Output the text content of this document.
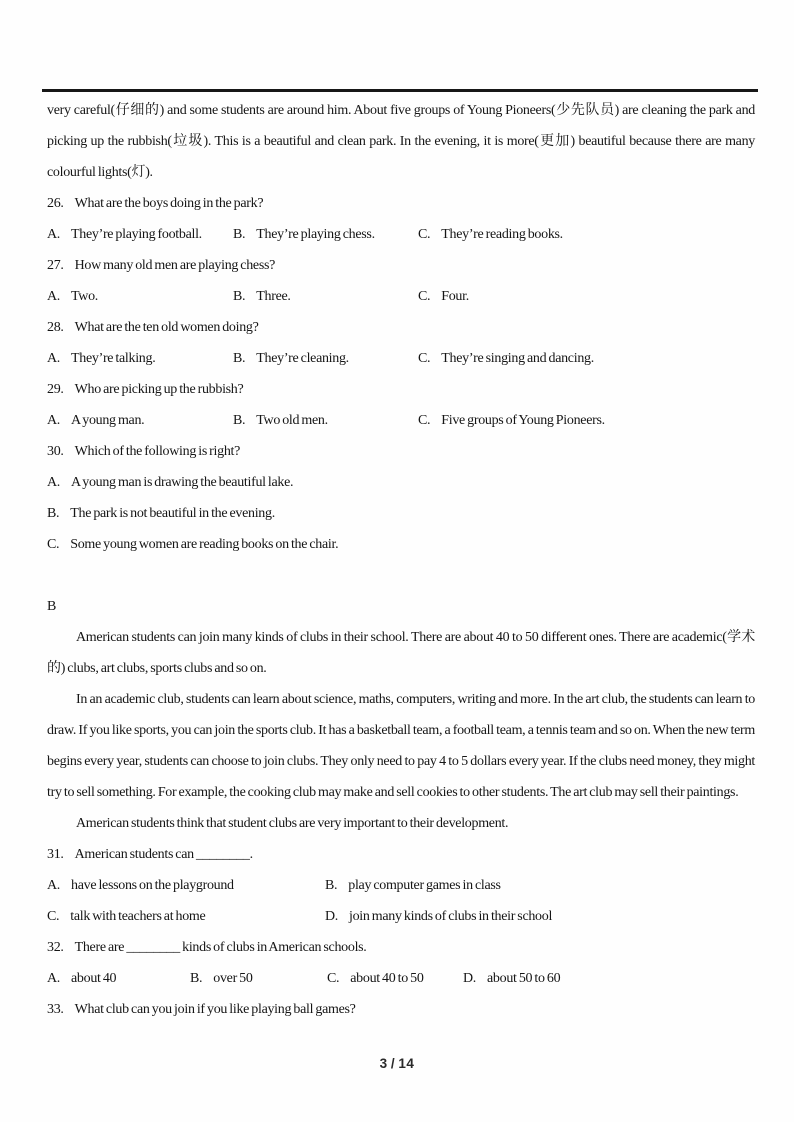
very careful(仔细的) and some students are around him. About five groups of Young Pioneers(少先队员) are cleaning the park and picking up the rubbish(垃圾). This is a beautiful and clean park. In the evening, it is more(更加) beautiful because there are many colourful lights(灯).

26. What are the boys doing in the park?
A. They’re playing football.	B. They’re playing chess.	C. They’re reading books.
27. How many old men are playing chess?
A. Two.	B. Three.	C. Four.
28. What are the ten old women doing?
A. They’re talking.	B. They’re cleaning.	C. They’re singing and dancing.
29. Who are picking up the rubbish?
A. A young man.	B. Two old men.	C. Five groups of Young Pioneers.
30. Which of the following is right?
A. A young man is drawing the beautiful lake.
B. The park is not beautiful in the evening.
C. Some young women are reading books on the chair.
B

American students can join many kinds of clubs in their school. There are about 40 to 50 different ones. There are academic(学术的) clubs, art clubs, sports clubs and so on.

In an academic club, students can learn about science, maths, computers, writing and more. In the art club, the students can learn to draw. If you like sports, you can join the sports club. It has a basketball team, a football team, a tennis team and so on. When the new term begins every year, students can choose to join clubs. They only need to pay 4 to 5 dollars every year. If the clubs need money, they might try to sell something. For example, the cooking club may make and sell cookies to other students. The art club may sell their paintings.

American students think that student clubs are very important to their development.

31. American students can ________.
A. have lessons on the playground	B. play computer games in class
C. talk with teachers at home	D. join many kinds of clubs in their school
32. There are ________ kinds of clubs in American schools.
A. about 40	B. over 50	C. about 40 to 50	D. about 50 to 60
33. What club can you join if you like playing ball games?
3 / 14
